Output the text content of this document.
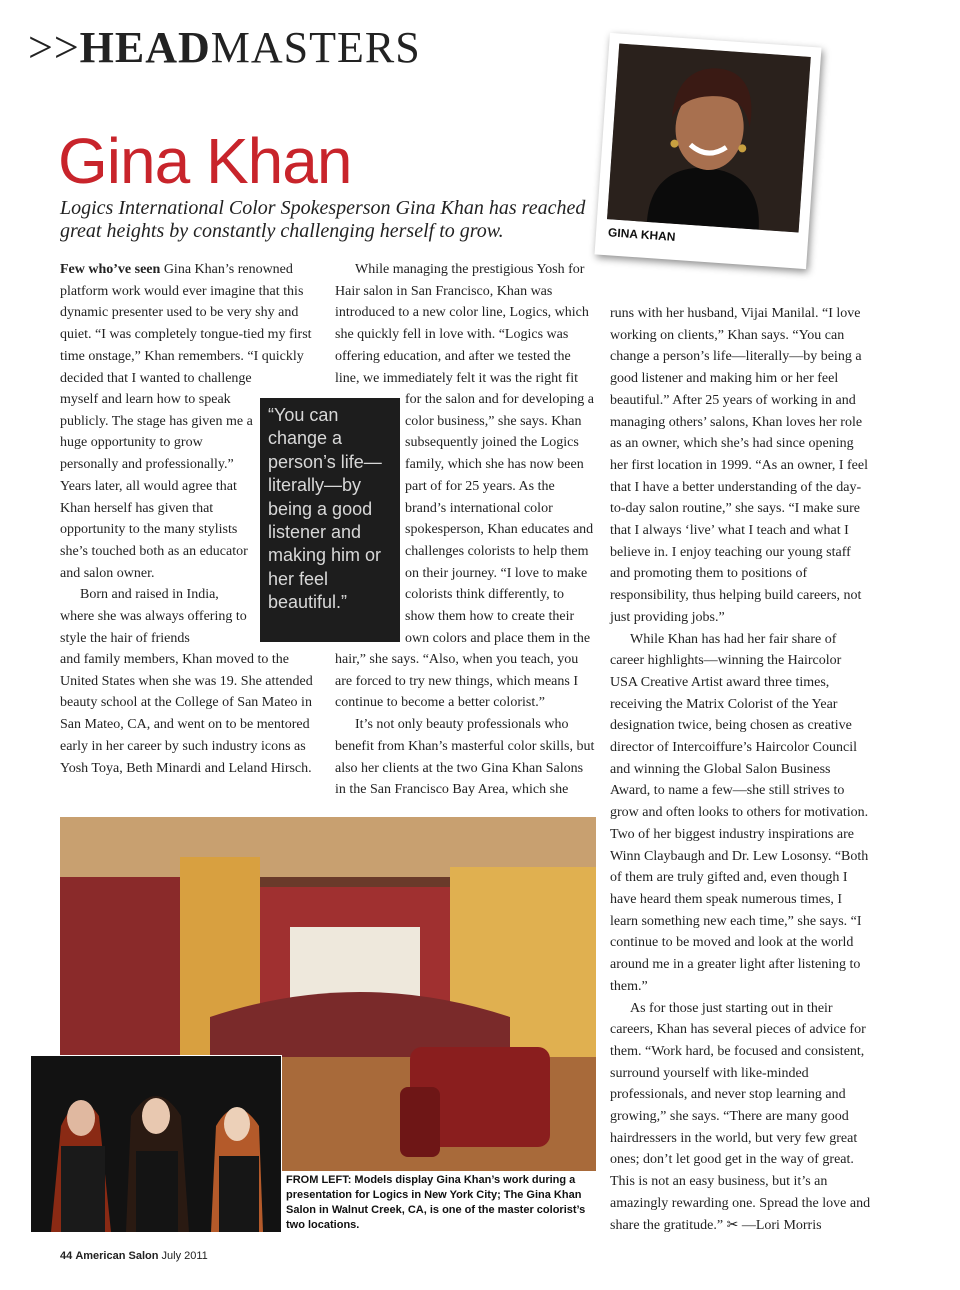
>>HEADMASTERS
Gina Khan
Logics International Color Spokesperson Gina Khan has reached great heights by constantly challenging herself to grow.	GINA KHAN

Few who’ve seen Gina Khan’s renowned platform work would ever imagine that this dynamic presenter used to be very shy and quiet. “I was completely tongue-tied my first time onstage,” Khan remembers. “I quickly decided that I wanted to challenge

myself and learn how to speak publicly. The stage has given me a huge opportunity to grow personally and professionally.” Years later, all would agree that Khan herself has given that opportunity to the many stylists she’s touched both as an educator and salon owner.

Born and raised in India, where she was always offering to style the hair of friends

and family members, Khan moved to the United States when she was 19. She attended beauty school at the College of San Mateo in San Mateo, CA, and went on to be mentored early in her career by such industry icons as Yosh Toya, Beth Minardi and Leland Hirsch.

“You can change a person’s life—literally—by being a good listener and making him or her feel beautiful.”

While managing the prestigious Yosh for Hair salon in San Francisco, Khan was introduced to a new color line, Logics, which she quickly fell in love with. “Logics was offering education, and after we tested the line, we immediately felt it was the right fit

for the salon and for developing a color business,” she says. Khan subsequently joined the Logics family, which she has now been part of for 25 years. As the brand’s international color spokesperson, Khan educates and challenges colorists to help them on their journey. “I love to make colorists think differently, to show them how to create their own colors and place them in the

hair,” she says. “Also, when you teach, you are forced to try new things, which means I continue to become a better colorist.”

It’s not only beauty professionals who benefit from Khan’s masterful color skills, but also her clients at the two Gina Khan Salons in the San Francisco Bay Area, which she

runs with her husband, Vijai Manilal. “I love working on clients,” Khan says. “You can change a person’s life—literally—by being a good listener and making him or her feel beautiful.” After 25 years of working in and managing others’ salons, Khan loves her role as an owner, which she’s had since opening her first location in 1999. “As an owner, I feel that I have a better understanding of the day-to-day salon routine,” she says. “I make sure that I always ‘live’ what I teach and what I believe in. I enjoy teaching our young staff and promoting them to positions of responsibility, thus helping build careers, not just providing jobs.”

While Khan has had her fair share of career highlights—winning the Haircolor USA Creative Artist award three times, receiving the Matrix Colorist of the Year designation twice, being chosen as creative director of Intercoiffure’s Haircolor Council and winning the Global Salon Business Award, to name a few—she still strives to grow and often looks to others for motivation. Two of her biggest industry inspirations are Winn Claybaugh and Dr. Lew Losonsy. “Both of them are truly gifted and, even though I have heard them speak numerous times, I learn something new each time,” she says. “I continue to be moved and look at the world around me in a greater light after listening to them.”

As for those just starting out in their careers, Khan has several pieces of advice for them. “Work hard, be focused and consistent, surround yourself with like-minded professionals, and never stop learning and growing,” she says. “There are many good hairdressers in the world, but very few great ones; don’t let good get in the way of great. This is not an easy business, but it’s an amazingly rewarding one. Spread the love and share the gratitude.” ✂ —Lori Morris

FROM LEFT: Models display Gina Khan’s work during a presentation for Logics in New York City; The Gina Khan Salon in Walnut Creek, CA, is one of the master colorist’s two locations.
44 American Salon July 2011
